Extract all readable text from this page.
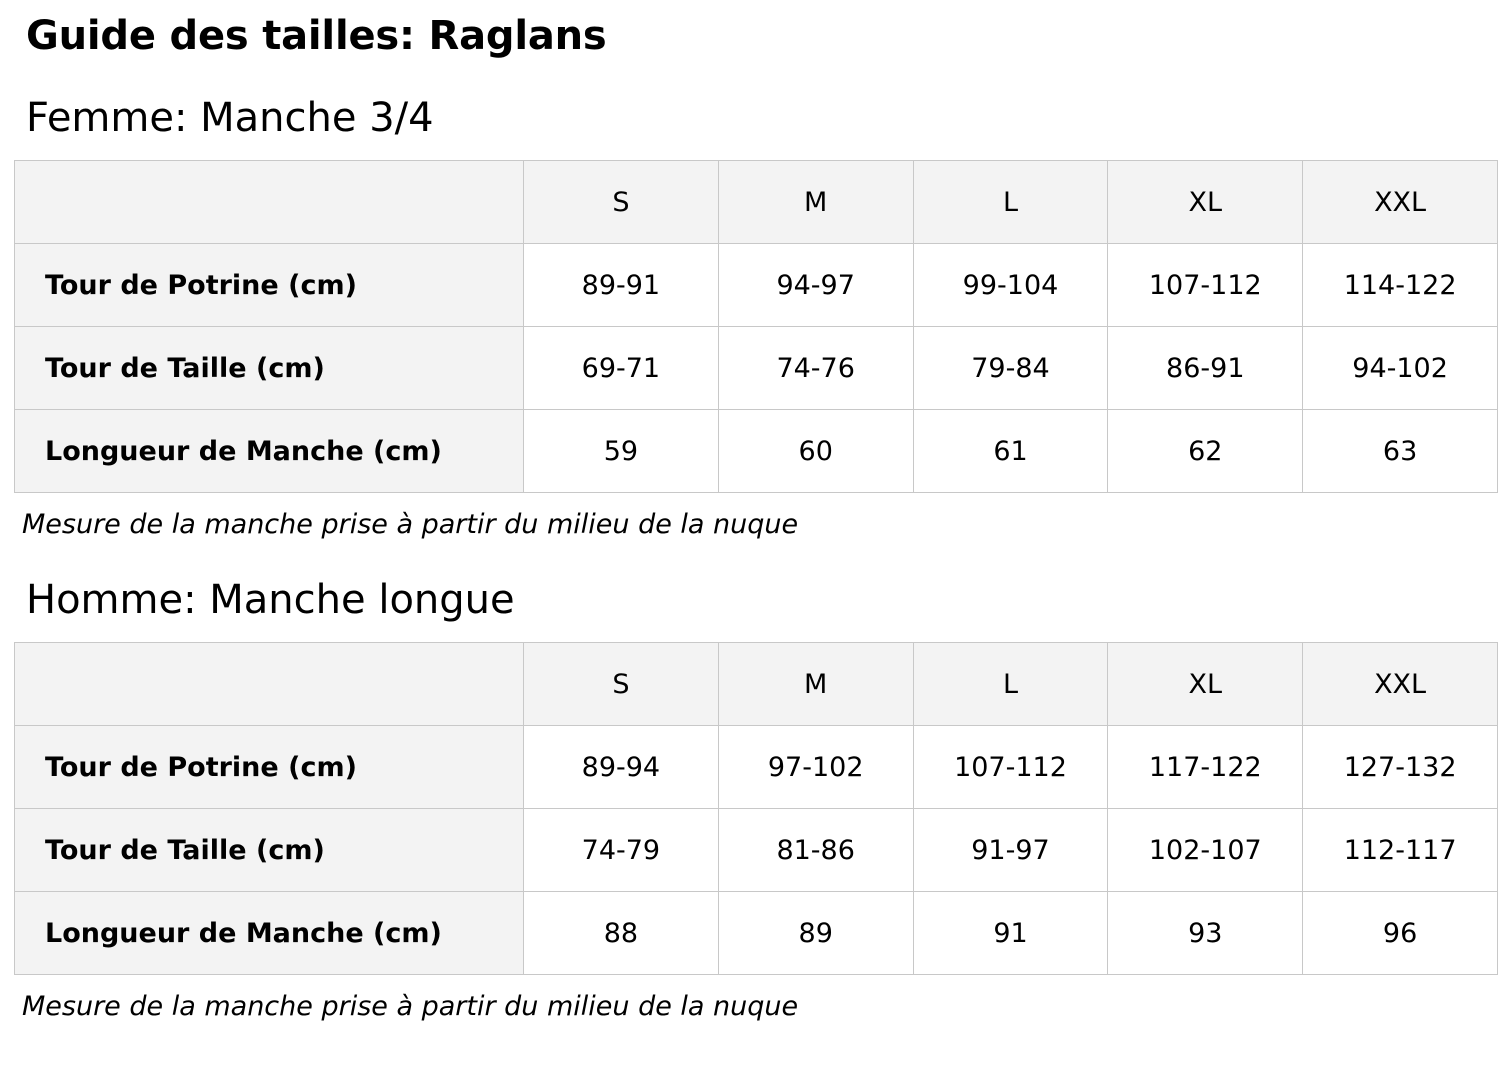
Guide des tailles: Raglans
Femme: Manche 3/4
	S	M	L	XL	XXL
Tour de Potrine (cm)	89-91	94-97	99-104	107-112	114-122
Tour de Taille (cm)	69-71	74-76	79-84	86-91	94-102
Longueur de Manche (cm)	59	60	61	62	63
Mesure de la manche prise à partir du milieu de la nuque
Homme: Manche longue
	S	M	L	XL	XXL
Tour de Potrine (cm)	89-94	97-102	107-112	117-122	127-132
Tour de Taille (cm)	74-79	81-86	91-97	102-107	112-117
Longueur de Manche (cm)	88	89	91	93	96
Mesure de la manche prise à partir du milieu de la nuque
